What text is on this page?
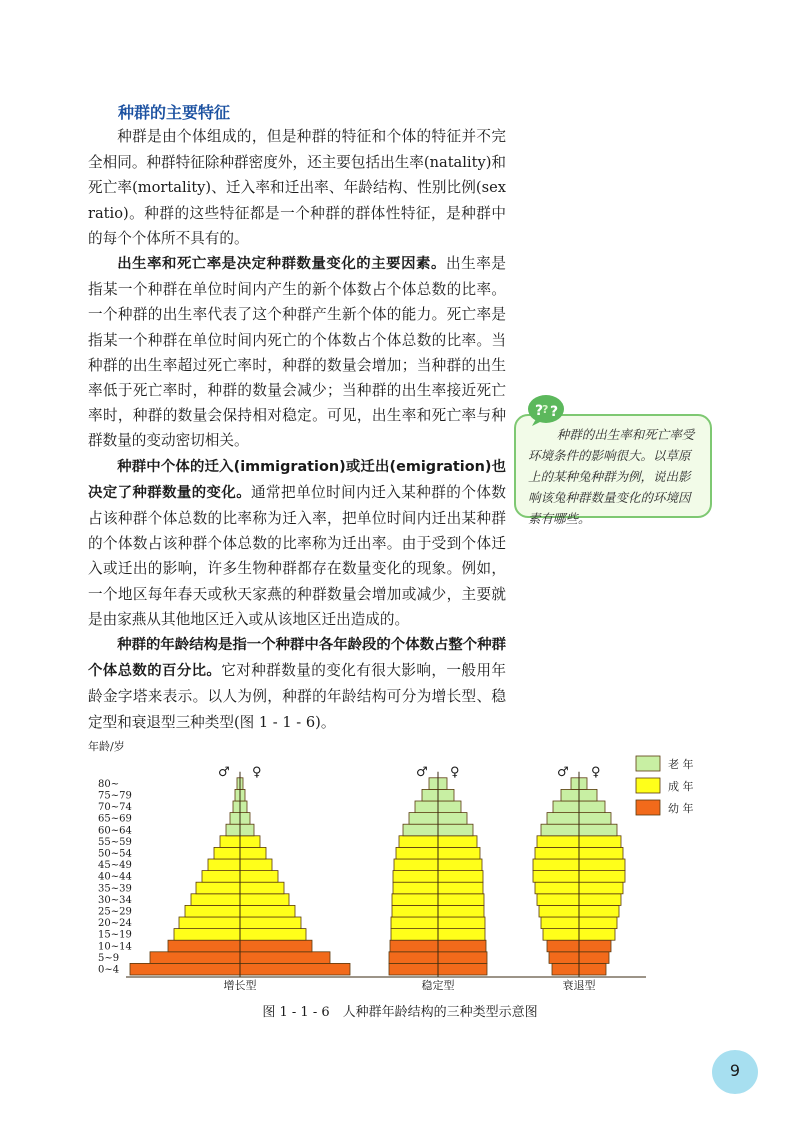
种群的主要特征

种群是由个体组成的，但是种群的特征和个体的特征并不完全相同。种群特征除种群密度外，还主要包括出生率(natality)和死亡率(mortality)、迁入率和迁出率、年龄结构、性别比例(sex ratio)。种群的这些特征都是一个种群的群体性特征，是种群中的每个个体所不具有的。

出生率和死亡率是决定种群数量变化的主要因素。出生率是指某一个种群在单位时间内产生的新个体数占个体总数的比率。一个种群的出生率代表了这个种群产生新个体的能力。死亡率是指某一个种群在单位时间内死亡的个体数占个体总数的比率。当种群的出生率超过死亡率时，种群的数量会增加；当种群的出生率低于死亡率时，种群的数量会减少；当种群的出生率接近死亡率时，种群的数量会保持相对稳定。可见，出生率和死亡率与种群数量的变动密切相关。

种群中个体的迁入(immigration)或迁出(emigration)也决定了种群数量的变化。通常把单位时间内迁入某种群的个体数占该种群个体总数的比率称为迁入率，把单位时间内迁出某种群的个体数占该种群个体总数的比率称为迁出率。由于受到个体迁入或迁出的影响，许多生物种群都存在数量变化的现象。例如，一个地区每年春天或秋天家燕的种群数量会增加或减少，主要就是由家燕从其他地区迁入或从该地区迁出造成的。

种群的年龄结构是指一个种群中各年龄段的个体数占整个种群个体总数的百分比。它对种群数量的变化有很大影响，一般用年龄金字塔来表示。以人为例，种群的年龄结构可分为增长型、稳定型和衰退型三种类型(图 1 - 1 - 6)。

种群的出生率和死亡率受环境条件的影响很大。以草原上的某种兔种群为例，说出影响该兔种群数量变化的环境因素有哪些。
?
? ?
年龄/岁
0~4
5~9
10~14
15~19
20~24
25~29
30~34
35~39
40~44
45~49
50~54
55~59
60~64
65~69
70~74
75~79
80~
♂ ♀
增长型
♂ ♀
稳定型
♂ ♀
衰退型
老 年
成 年
幼 年
图 1 - 1 - 6　人种群年龄结构的三种类型示意图
9
